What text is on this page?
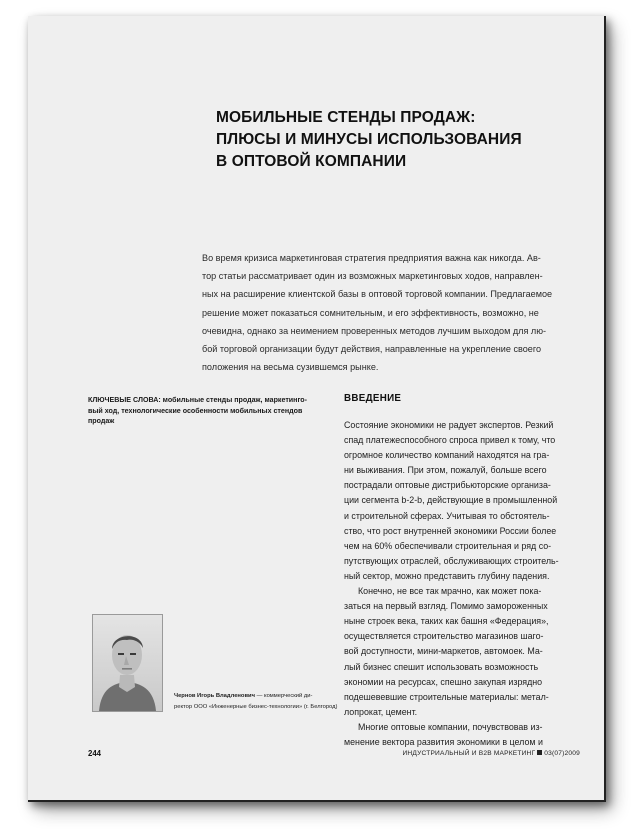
МОБИЛЬНЫЕ СТЕНДЫ ПРОДАЖ:
ПЛЮСЫ И МИНУСЫ ИСПОЛЬЗОВАНИЯ
В ОПТОВОЙ КОМПАНИИ

Во время кризиса маркетинговая стратегия предприятия важна как никогда. Ав-
тор статьи рассматривает один из возможных маркетинговых ходов, направлен-
ных на расширение клиентской базы в оптовой торговой компании. Предлагаемое
решение может показаться сомнительным, и его эффективность, возможно, не
очевидна, однако за неимением проверенных методов лучшим выходом для лю-
бой торговой организации будут действия, направленные на укрепление своего
положения на весьма сузившемся рынке.

КЛЮЧЕВЫЕ СЛОВА: мобильные стенды продаж, маркетинго-
вый ход, технологические особенности мобильных стендов
продаж

ВВЕДЕНИЕ

Состояние экономики не радует экспертов. Резкий
спад платежеспособного спроса привел к тому, что
огромное количество компаний находятся на гра-
ни выживания. При этом, пожалуй, больше всего
пострадали оптовые дистрибьюторские организа-
ции сегмента b-2-b, действующие в промышленной
и строительной сферах. Учитывая то обстоятель-
ство, что рост внутренней экономики России более
чем на 60% обеспечивали строительная и ряд со-
путствующих отраслей, обслуживающих строитель-
ный сектор, можно представить глубину падения.
Конечно, не все так мрачно, как может пока-
заться на первый взгляд. Помимо замороженных
ныне строек века, таких как башня «Федерация»,
осуществляется строительство магазинов шаго-
вой доступности, мини-маркетов, автомоек. Ма-
лый бизнес спешит использовать возможность
экономии на ресурсах, спешно закупая изрядно
подешевевшие строительные материалы: метал-
лопрокат, цемент.
Многие оптовые компании, почувствовав из-
менение вектора развития экономики в целом и

Чернов Игорь Владленович — коммерческий ди-
ректор ООО «Инженерные бизнес-технологии» (г. Белгород)

244	ИНДУСТРИАЛЬНЫЙ И B2B МАРКЕТИНГ 03(07)2009
